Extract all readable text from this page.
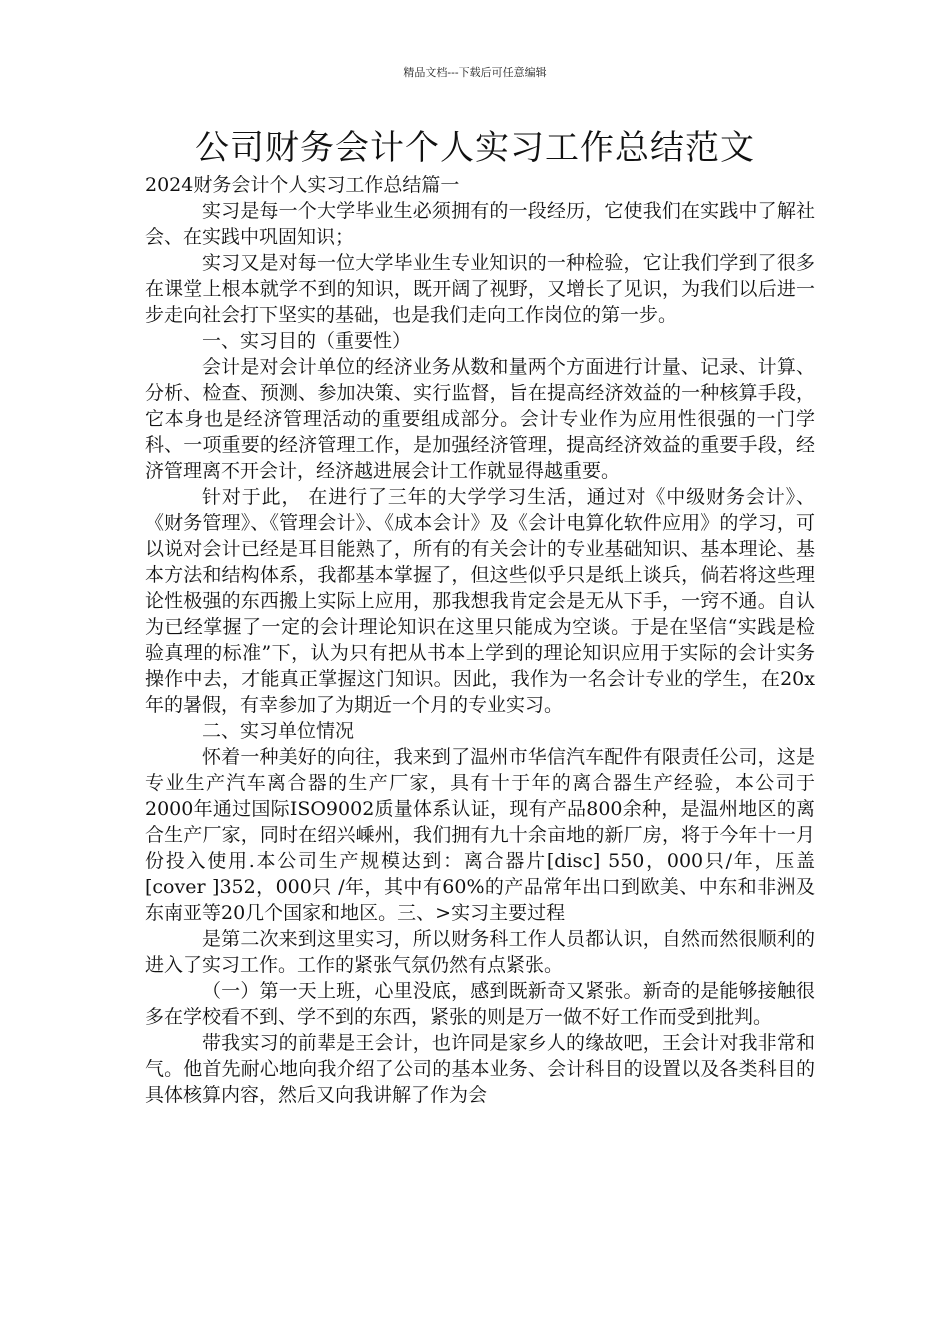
精品文档---下载后可任意编辑
公司财务会计个人实习工作总结范文

2024财务会计个人实习工作总结篇一

实习是每一个大学毕业生必须拥有的一段经历，它使我们在实践中了解社会、在实践中巩固知识；

实习又是对每一位大学毕业生专业知识的一种检验，它让我们学到了很多在课堂上根本就学不到的知识，既开阔了视野，又增长了见识，为我们以后进一步走向社会打下坚实的基础，也是我们走向工作岗位的第一步。

一、实习目的（重要性）

会计是对会计单位的经济业务从数和量两个方面进行计量、记录、计算、分析、检查、预测、参加决策、实行监督，旨在提高经济效益的一种核算手段，它本身也是经济管理活动的重要组成部分。会计专业作为应用性很强的一门学科、一项重要的经济管理工作，是加强经济管理，提高经济效益的重要手段，经济管理离不开会计，经济越进展会计工作就显得越重要。

针对于此， 在进行了三年的大学学习生活，通过对《中级财务会计》、《财务管理》、《管理会计》、《成本会计》及《会计电算化软件应用》的学习，可以说对会计已经是耳目能熟了，所有的有关会计的专业基础知识、基本理论、基本方法和结构体系，我都基本掌握了，但这些似乎只是纸上谈兵，倘若将这些理论性极强的东西搬上实际上应用，那我想我肯定会是无从下手，一窍不通。自认为已经掌握了一定的会计理论知识在这里只能成为空谈。于是在坚信“实践是检验真理的标准”下，认为只有把从书本上学到的理论知识应用于实际的会计实务操作中去，才能真正掌握这门知识。因此，我作为一名会计专业的学生，在20x年的暑假，有幸参加了为期近一个月的专业实习。

二、实习单位情况

怀着一种美好的向往，我来到了温州市华信汽车配件有限责任公司，这是专业生产汽车离合器的生产厂家，具有十于年的离合器生产经验，本公司于2000年通过国际ISO9002质量体系认证，现有产品800余种，是温州地区的离合生产厂家，同时在绍兴嵊州，我们拥有九十余亩地的新厂房，将于今年十一月份投入使用.本公司生产规模达到：离合器片[disc] 550，000只/年，压盖[cover ]352，000只 /年，其中有60%的产品常年出口到欧美、中东和非洲及东南亚等20几个国家和地区。三、>实习主要过程

是第二次来到这里实习，所以财务科工作人员都认识，自然而然很顺利的进入了实习工作。工作的紧张气氛仍然有点紧张。

（一）第一天上班，心里没底，感到既新奇又紧张。新奇的是能够接触很多在学校看不到、学不到的东西，紧张的则是万一做不好工作而受到批判。

带我实习的前辈是王会计，也许同是家乡人的缘故吧，王会计对我非常和气。他首先耐心地向我介绍了公司的基本业务、会计科目的设置以及各类科目的具体核算内容，然后又向我讲解了作为会
